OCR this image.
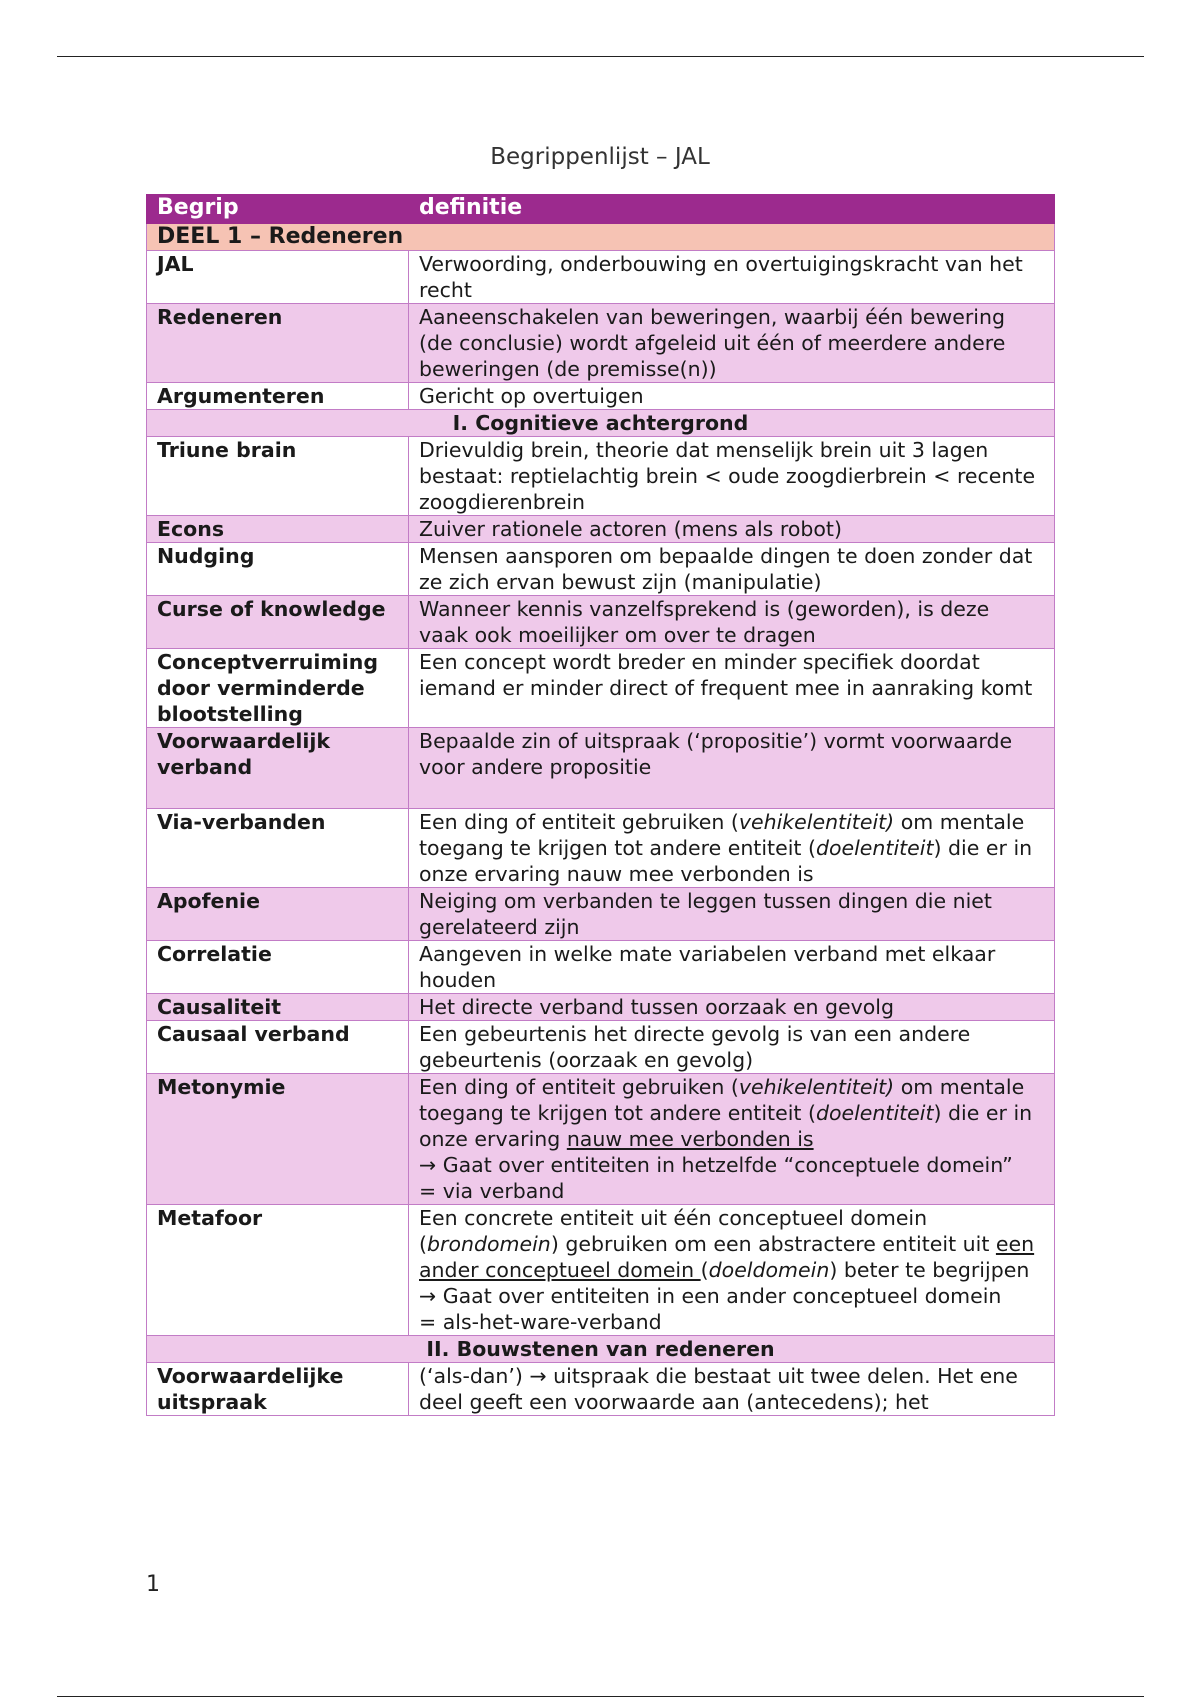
Begrippenlijst – JAL
Begrip	definitie
DEEL 1 – Redeneren	
JAL	Verwoording, onderbouwing en overtuigingskracht van het recht
Redeneren	Aaneenschakelen van beweringen, waarbij één bewering (de conclusie) wordt afgeleid uit één of meerdere andere beweringen (de premisse(n))
Argumenteren	Gericht op overtuigen
I. Cognitieve achtergrond	
Triune brain	Drievuldig brein, theorie dat menselijk brein uit 3 lagen bestaat: reptielachtig brein < oude zoogdierbrein < recente zoogdierenbrein
Econs	Zuiver rationele actoren (mens als robot)
Nudging	Mensen aansporen om bepaalde dingen te doen zonder dat ze zich ervan bewust zijn (manipulatie)
Curse of knowledge	Wanneer kennis vanzelfsprekend is (geworden), is deze vaak ook moeilijker om over te dragen
Conceptverruiming door verminderde blootstelling	Een concept wordt breder en minder specifiek doordat iemand er minder direct of frequent mee in aanraking komt
Voorwaardelijk verband	Bepaalde zin of uitspraak (‘propositie’) vormt voorwaarde voor andere propositie
Via-verbanden	Een ding of entiteit gebruiken (vehikelentiteit) om mentale toegang te krijgen tot andere entiteit (doelentiteit) die er in onze ervaring nauw mee verbonden is
Apofenie	Neiging om verbanden te leggen tussen dingen die niet gerelateerd zijn
Correlatie	Aangeven in welke mate variabelen verband met elkaar houden
Causaliteit	Het directe verband tussen oorzaak en gevolg
Causaal verband	Een gebeurtenis het directe gevolg is van een andere gebeurtenis (oorzaak en gevolg)
Metonymie	Een ding of entiteit gebruiken (vehikelentiteit) om mentale toegang te krijgen tot andere entiteit (doelentiteit) die er in onze ervaring nauw mee verbonden is
→ Gaat over entiteiten in hetzelfde “conceptuele domein”
= via verband
Metafoor	Een concrete entiteit uit één conceptueel domein (brondomein) gebruiken om een abstractere entiteit uit een ander conceptueel domein (doeldomein) beter te begrijpen
→ Gaat over entiteiten in een ander conceptueel domein
= als-het-ware-verband
II. Bouwstenen van redeneren	
Voorwaardelijke uitspraak	(‘als-dan’) → uitspraak die bestaat uit twee delen. Het ene deel geeft een voorwaarde aan (antecedens); het
1
